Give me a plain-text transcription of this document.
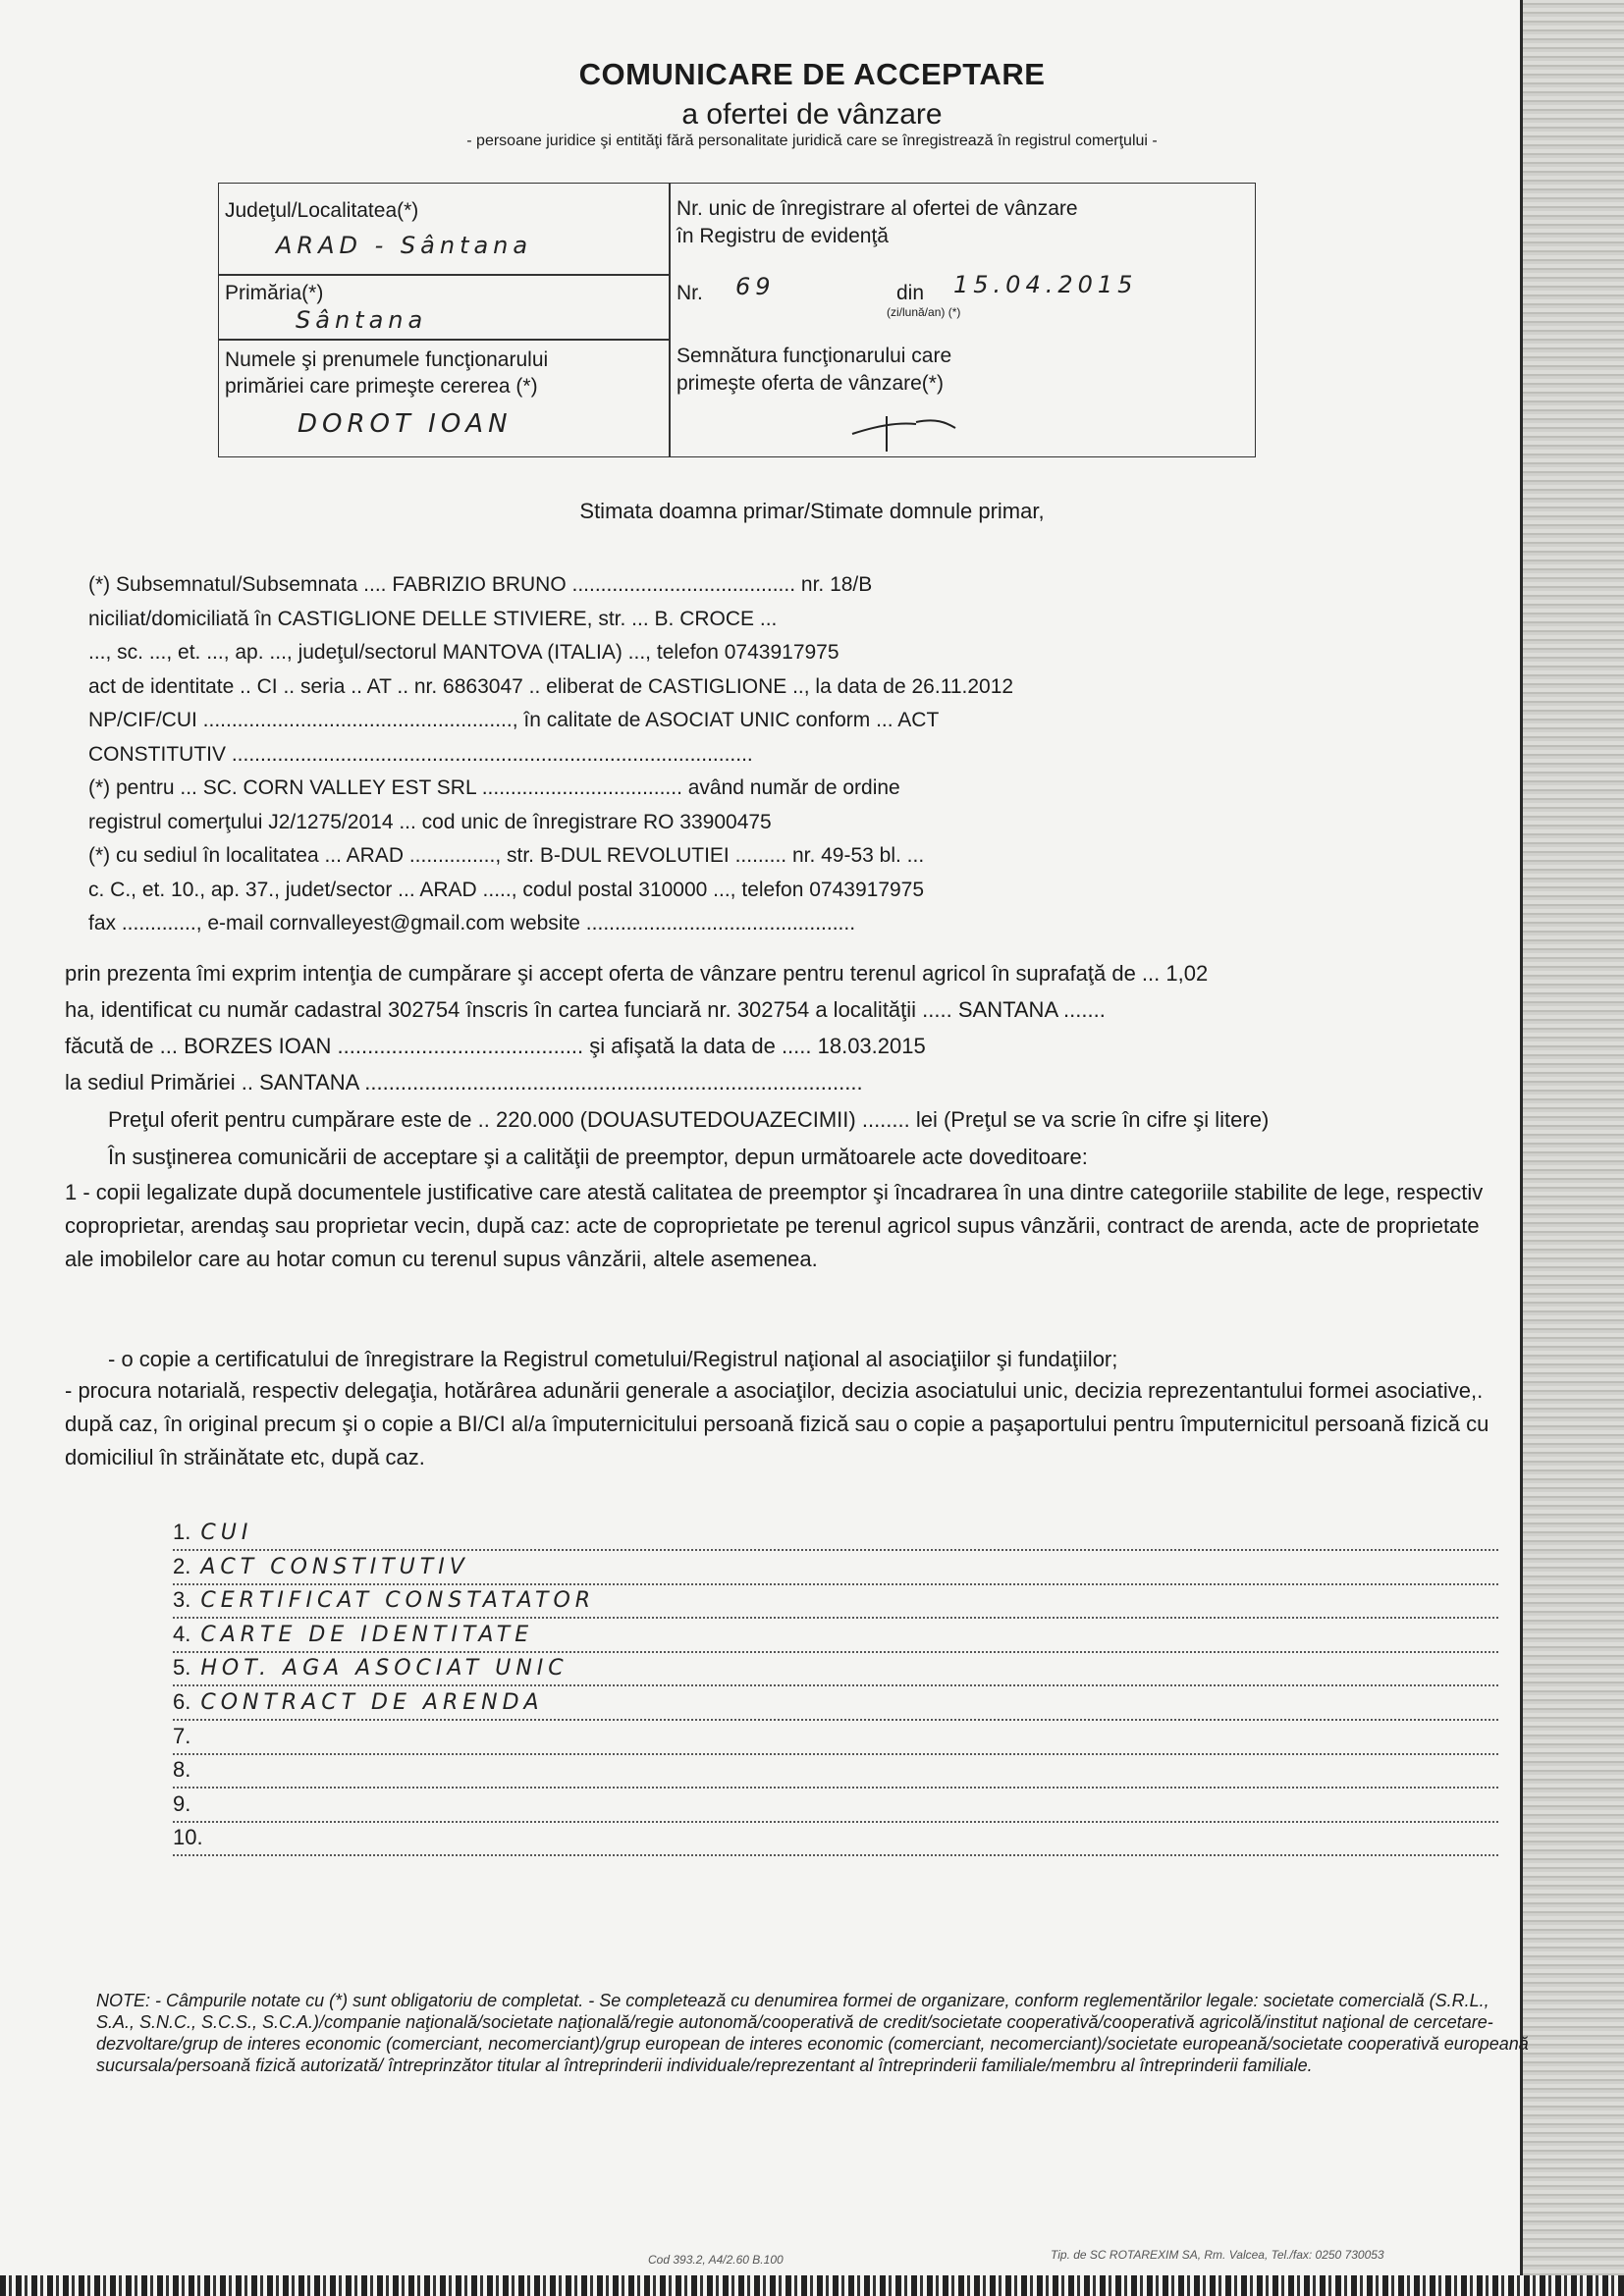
COMUNICARE DE ACCEPTARE
a ofertei de vânzare
- persoane juridice şi entităţi fără personalitate juridică care se înregistrează în registrul comerţului -
Judeţul/Localitatea(*)
ARAD - Sântana
Primăria(*)
Sântana
Numele şi prenumele funcţionarului
primăriei care primeşte cererea (*)
DOROT IOAN
Nr. unic de înregistrare al ofertei de vânzare
în Registru de evidenţă
Nr. 69	din 15.04.2015
(zi/lună/an) (*)
Semnătura funcţionarului care
primeşte oferta de vânzare(*)
Stimata doamna primar/Stimate domnule primar,
(*) Subsemnatul/Subsemnata .... FABRIZIO BRUNO ....................................... nr. 18/B
niciliat/domiciliată în CASTIGLIONE DELLE STIVIERE, str. ... B. CROCE ...
..., sc. ..., et. ..., ap. ..., judeţul/sectorul MANTOVA (ITALIA) ..., telefon 0743917975
act de identitate .. CI .. seria .. AT .. nr. 6863047 .. eliberat de CASTIGLIONE .., la data de 26.11.2012
NP/CIF/CUI ......................................................, în calitate de ASOCIAT UNIC conform ... ACT
CONSTITUTIV ...........................................................................................
(*) pentru ... SC. CORN VALLEY EST SRL ................................... având număr de ordine
registrul comerţului J2/1275/2014 ... cod unic de înregistrare RO 33900475
(*) cu sediul în localitatea ... ARAD ..............., str. B-DUL REVOLUTIEI ......... nr. 49-53 bl. ...
c. C., et. 10., ap. 37., judet/sector ... ARAD ....., codul postal 310000 ..., telefon 0743917975
fax ............., e-mail cornvalleyest@gmail.com website ...............................................
prin prezenta îmi exprim intenţia de cumpărare şi accept oferta de vânzare pentru terenul agricol în suprafaţă de ... 1,02
ha, identificat cu număr cadastral 302754 înscris în cartea funciară nr. 302754 a localităţii ..... SANTANA .......
făcută de ... BORZES IOAN ......................................... şi afişată la data de ..... 18.03.2015
la sediul Primăriei .. SANTANA ...................................................................................
Preţul oferit pentru cumpărare este de .. 220.000 (DOUASUTEDOUAZECIMII) ........ lei (Preţul se va scrie în cifre şi litere)
În susţinerea comunicării de acceptare şi a calităţii de preemptor, depun următoarele acte doveditoare:
1 - copii legalizate după documentele justificative care atestă calitatea de preemptor şi încadrarea în una dintre categoriile stabilite de lege, respectiv coproprietar, arendaş sau proprietar vecin, după caz: acte de coproprietate pe terenul agricol supus vânzării, contract de arenda, acte de proprietate ale imobilelor care au hotar comun cu terenul supus vânzării, altele asemenea.
- o copie a certificatului de înregistrare la Registrul cometului/Registrul naţional al asociaţiilor şi fundaţiilor;
- procura notarială, respectiv delegaţia, hotărârea adunării generale a asociaţilor, decizia asociatului unic, decizia reprezentantului formei asociative,. după caz, în original precum şi o copie a BI/CI al/a împuternicitului persoană fizică sau o copie a paşaportului pentru împuternicitul persoană fizică cu domiciliul în străinătate etc, după caz.
1. CUI
2. ACT CONSTITUTIV
3. CERTIFICAT CONSTATATOR
4. CARTE DE IDENTITATE
5. HOT. AGA ASOCIAT UNIC
6. CONTRACT DE ARENDA
7.
8.
9.
10.
NOTE: - Câmpurile notate cu (*) sunt obligatoriu de completat. - Se completează cu denumirea formei de organizare, conform reglementărilor legale: societate comercială (S.R.L., S.A., S.N.C., S.C.S., S.C.A.)/companie naţională/societate naţională/regie autonomă/cooperativă de credit/societate cooperativă/cooperativă agricolă/institut naţional de cercetare-dezvoltare/grup de interes economic (comerciant, necomerciant)/grup european de interes economic (comerciant, necomerciant)/societate europeană/societate cooperativă europeană sucursala/persoană fizică autorizată/ întreprinzător titular al întreprinderii individuale/reprezentant al întreprinderii familiale/membru al întreprinderii familiale.
Cod 393.2, A4/2.60 B.100	Tip. de SC ROTAREXIM SA, Rm. Valcea, Tel./fax: 0250 730053
